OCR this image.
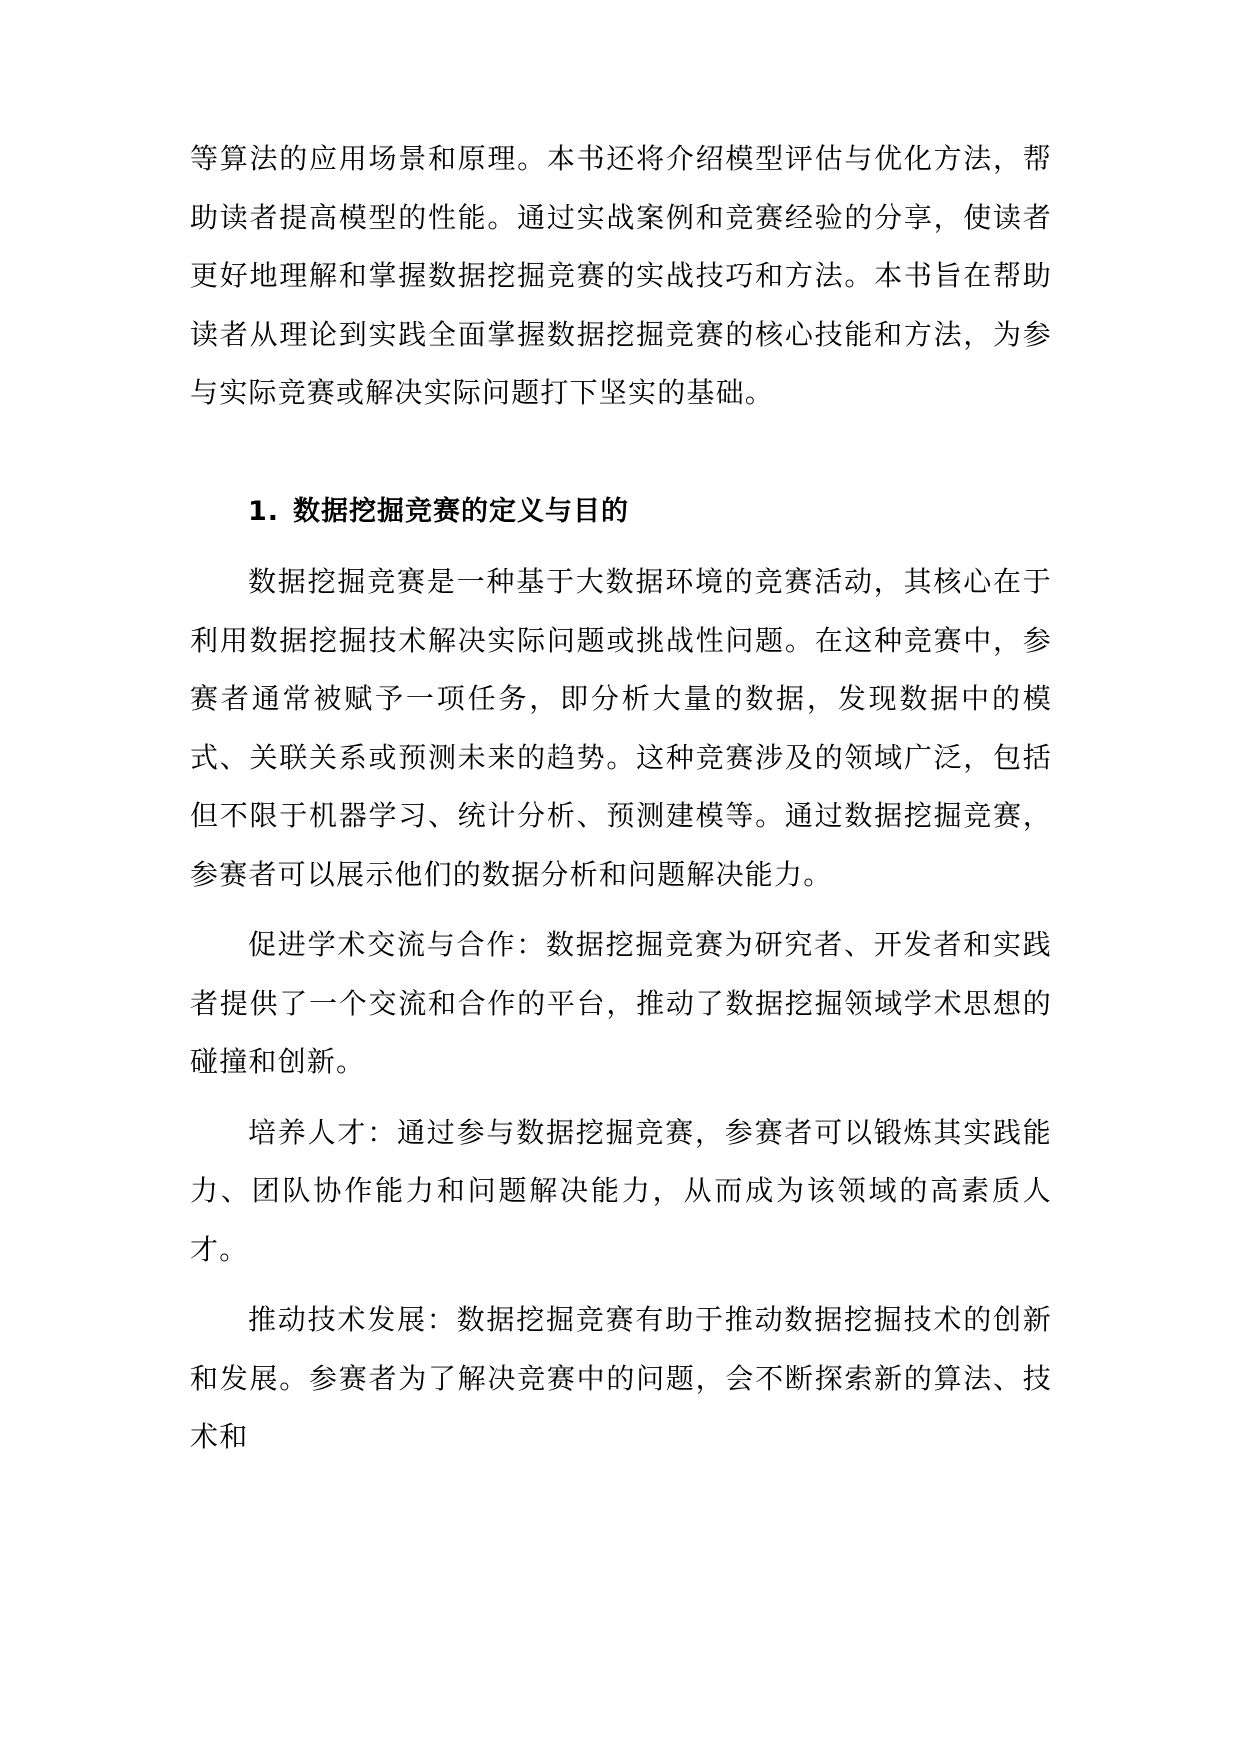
等算法的应用场景和原理。本书还将介绍模型评估与优化方法，帮助读者提高模型的性能。通过实战案例和竞赛经验的分享，使读者更好地理解和掌握数据挖掘竞赛的实战技巧和方法。本书旨在帮助读者从理论到实践全面掌握数据挖掘竞赛的核心技能和方法，为参与实际竞赛或解决实际问题打下坚实的基础。

1. 数据挖掘竞赛的定义与目的

数据挖掘竞赛是一种基于大数据环境的竞赛活动，其核心在于利用数据挖掘技术解决实际问题或挑战性问题。在这种竞赛中，参赛者通常被赋予一项任务，即分析大量的数据，发现数据中的模式、关联关系或预测未来的趋势。这种竞赛涉及的领域广泛，包括但不限于机器学习、统计分析、预测建模等。通过数据挖掘竞赛，参赛者可以展示他们的数据分析和问题解决能力。

促进学术交流与合作：数据挖掘竞赛为研究者、开发者和实践者提供了一个交流和合作的平台，推动了数据挖掘领域学术思想的碰撞和创新。

培养人才：通过参与数据挖掘竞赛，参赛者可以锻炼其实践能力、团队协作能力和问题解决能力，从而成为该领域的高素质人才。

推动技术发展：数据挖掘竞赛有助于推动数据挖掘技术的创新和发展。参赛者为了解决竞赛中的问题，会不断探索新的算法、技术和
